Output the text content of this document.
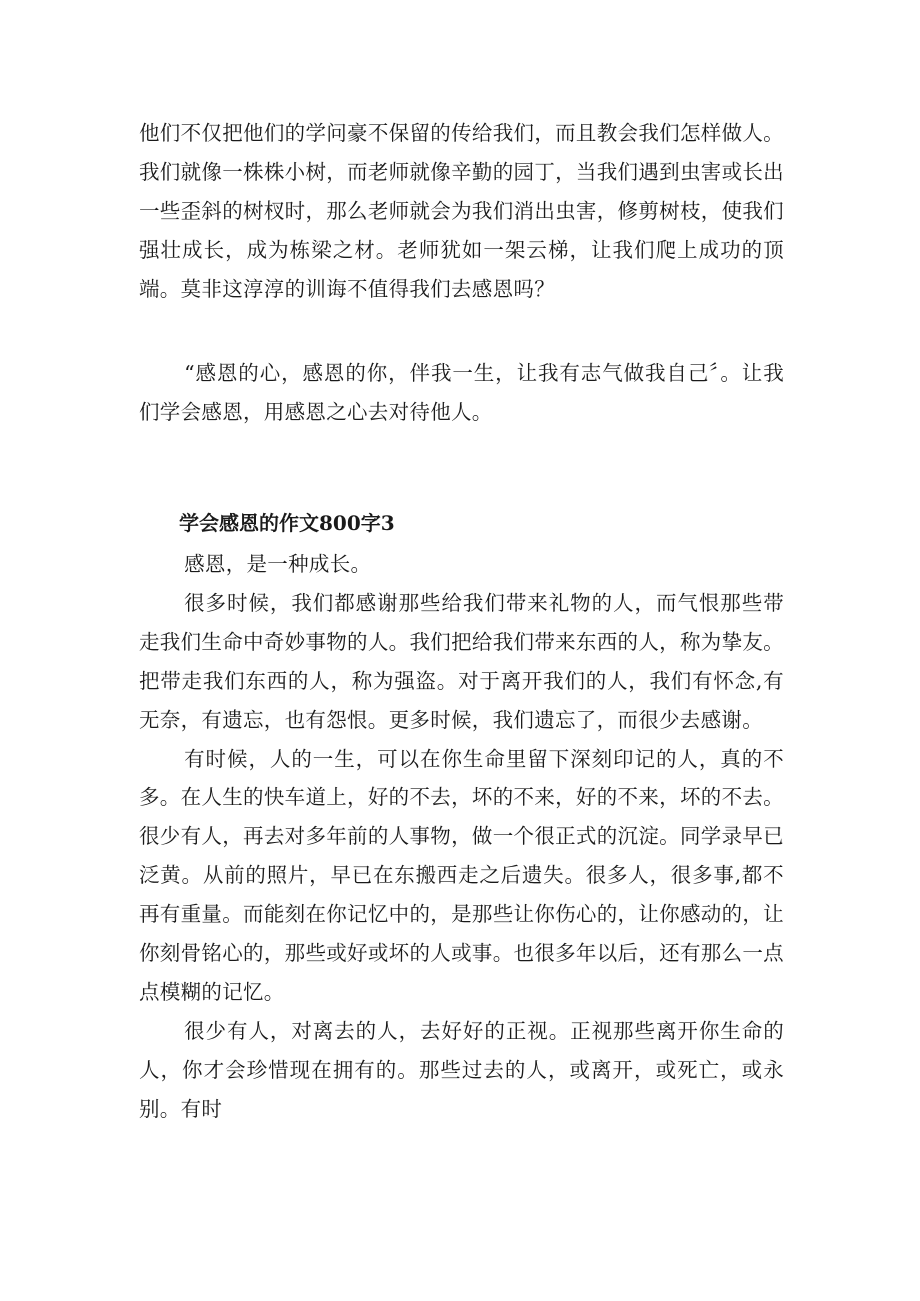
他们不仅把他们的学问豪不保留的传给我们，而且教会我们怎样做人。我们就像一株株小树，而老师就像辛勤的园丁，当我们遇到虫害或长出一些歪斜的树杈时，那么老师就会为我们消出虫害，修剪树枝，使我们强壮成长，成为栋梁之材。老师犹如一架云梯，让我们爬上成功的顶端。莫非这淳淳的训诲不值得我们去感恩吗？

“感恩的心，感恩的你，伴我一生，让我有志气做我自己〞。让我们学会感恩，用感恩之心去对待他人。

学会感恩的作文800字3

感恩，是一种成长。

很多时候，我们都感谢那些给我们带来礼物的人，而气恨那些带走我们生命中奇妙事物的人。我们把给我们带来东西的人，称为挚友。把带走我们东西的人，称为强盗。对于离开我们的人，我们有怀念,有无奈，有遗忘，也有怨恨。更多时候，我们遗忘了，而很少去感谢。

有时候，人的一生，可以在你生命里留下深刻印记的人，真的不多。在人生的快车道上，好的不去，坏的不来，好的不来，坏的不去。很少有人，再去对多年前的人事物，做一个很正式的沉淀。同学录早已泛黄。从前的照片，早已在东搬西走之后遗失。很多人，很多事,都不再有重量。而能刻在你记忆中的，是那些让你伤心的，让你感动的，让你刻骨铭心的，那些或好或坏的人或事。也很多年以后，还有那么一点点模糊的记忆。

很少有人，对离去的人，去好好的正视。正视那些离开你生命的人，你才会珍惜现在拥有的。那些过去的人，或离开，或死亡，或永别。有时
